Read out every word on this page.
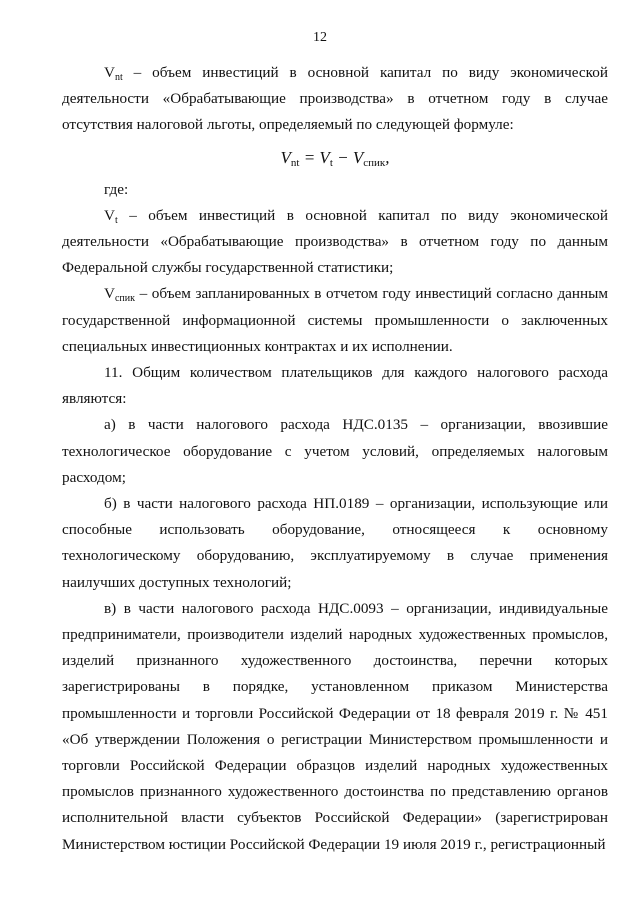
12

$V_{nt}$ – объем инвестиций в основной капитал по виду экономической деятельности «Обрабатывающие производства» в отчетном году в случае отсутствия налоговой льготы, определяемый по следующей формуле:

$V_{nt} = V_t - V_{спик}$,

где:

$V_t$ – объем инвестиций в основной капитал по виду экономической деятельности «Обрабатывающие производства» в отчетном году по данным Федеральной службы государственной статистики;

$V_{спик}$ – объем запланированных в отчетом году инвестиций согласно данным государственной информационной системы промышленности о заключенных специальных инвестиционных контрактах и их исполнении.

11. Общим количеством плательщиков для каждого налогового расхода являются:

а) в части налогового расхода НДС.0135 – организации, ввозившие технологическое оборудование с учетом условий, определяемых налоговым расходом;

б) в части налогового расхода НП.0189 – организации, использующие или способные использовать оборудование, относящееся к основному технологическому оборудованию, эксплуатируемому в случае применения наилучших доступных технологий;

в) в части налогового расхода НДС.0093 – организации, индивидуальные предприниматели, производители изделий народных художественных промыслов, изделий признанного художественного достоинства, перечни которых зарегистрированы в порядке, установленном приказом Министерства промышленности и торговли Российской Федерации от 18 февраля 2019 г. № 451 «Об утверждении Положения о регистрации Министерством промышленности и торговли Российской Федерации образцов изделий народных художественных промыслов признанного художественного достоинства по представлению органов исполнительной власти субъектов Российской Федерации» (зарегистрирован Министерством юстиции Российской Федерации 19 июля 2019 г., регистрационный
